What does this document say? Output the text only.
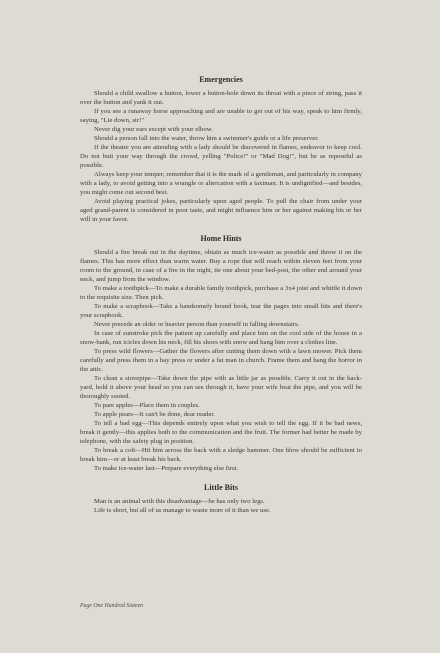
Emergencies

Should a child swallow a button, lower a button-hole down its throat with a piece of string, pass it over the button and yank it out.

If you see a runaway horse approaching and are unable to get out of his way, speak to him firmly, saying, "Lie down, sir!"

Never dig your ears except with your elbow.

Should a person fall into the water, throw him a swimmer's guide or a life preserver.

If the theatre you are attending with a lady should be discovered in flames, endeavor to keep cool. Do not butt your way through the crowd, yelling "Police!" or "Mad Dog!", but be as reposeful as possible.

Always keep your temper; remember that it is the mark of a gentleman, and particularly in company with a lady, to avoid getting into a wrangle or altercation with a taximan. It is undignified—and besides, you might come out second best.

Avoid playing practical jokes, particularly upon aged people. To pull the chair from under your aged grand-parent is considered in poor taste, and might influence him or her against making his or her will in your favor.

Home Hints

Should a fire break out in the daytime, obtain as much ice-water as possible and throw it on the flames. This has more effect than warm water. Buy a rope that will reach within eleven feet from your room to the ground, in case of a fire in the night, tie one about your bed-post, the other end around your neck, and jump from the window.

To make a toothpick—To make a durable family toothpick, purchase a 3x4 joist and whittle it down to the requisite size. Then pick.

To make a scrapbook—Take a handsomely bound book, tear the pages into small bits and there's your scrapbook.

Never precede an older or heavier person than yourself in falling downstairs.

In case of sunstroke pick the patient up carefully and place him on the cool side of the house in a snow-bank, run icicles down his neck, fill his shoes with snow and hang him over a clothes line.

To press wild flowers—Gather the flowers after cutting them down with a lawn mower. Pick them carefully and press them in a hay press or under a fat man in church. Frame them and hang the horror in the attic.

To clean a stovepipe—Take down the pipe with as little jar as possible. Carry it out in the back-yard, hold it above your head so you can see through it, have your wife beat the pipe, and you will be thoroughly sooted.

To pare apples—Place them in couples.

To apple pears—It can't be done, dear reader.

To tell a bad egg—This depends entirely upon what you wish to tell the egg. If it be bad news, break it gently—this applies both to the communication and the fruit. The former had better be made by telephone, with the safety plug in position.

To break a colt—Hit him across the back with a sledge hammer. One blow should be sufficient to break him—or at least break his back.

To make ice-water last—Prepare everything else first.

Little Bits

Man is an animal with this disadvantage—he has only two legs.

Life is short, but all of us manage to waste more of it than we use.

Page One Hundred Sixteen
